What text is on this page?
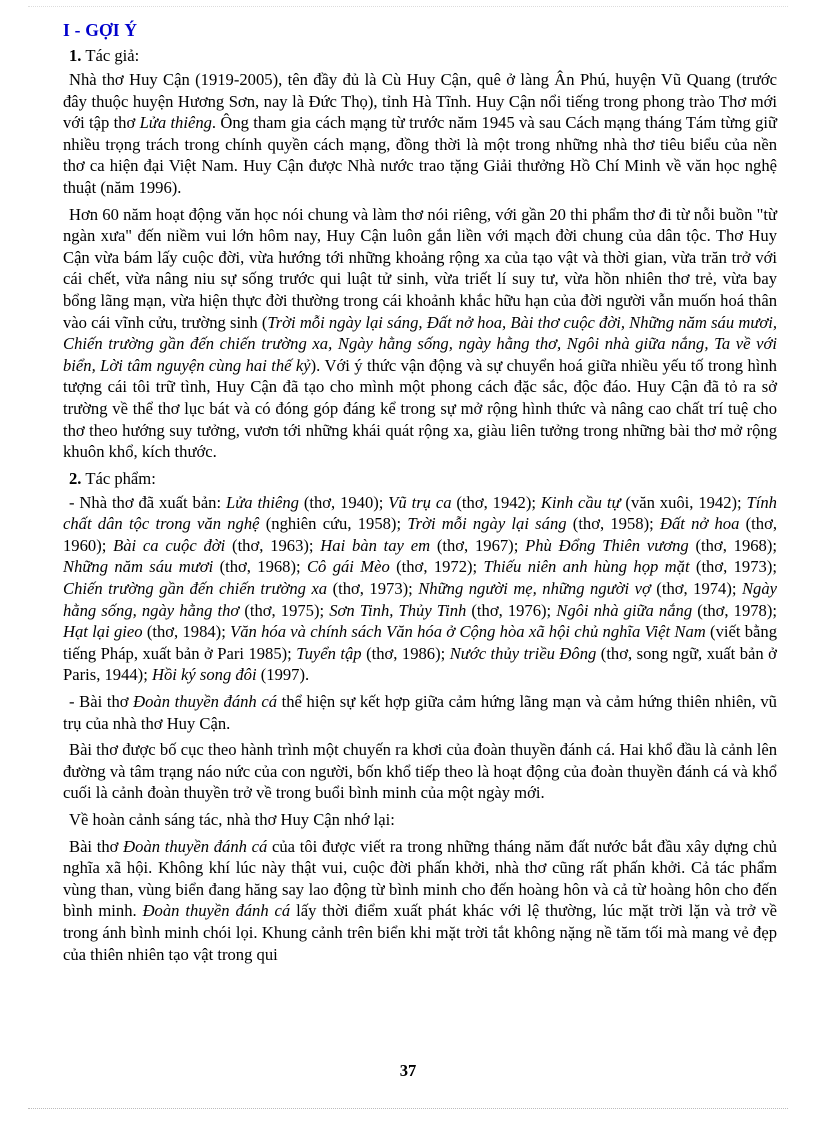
I - GỢI Ý
1. Tác giả:

Nhà thơ Huy Cận (1919-2005), tên đầy đủ là Cù Huy Cận, quê ở làng Ân Phú, huyện Vũ Quang (trước đây thuộc huyện Hương Sơn, nay là Đức Thọ), tỉnh Hà Tĩnh. Huy Cận nổi tiếng trong phong trào Thơ mới với tập thơ Lửa thiêng. Ông tham gia cách mạng từ trước năm 1945 và sau Cách mạng tháng Tám từng giữ nhiều trọng trách trong chính quyền cách mạng, đồng thời là một trong những nhà thơ tiêu biểu của nền thơ ca hiện đại Việt Nam. Huy Cận được Nhà nước trao tặng Giải thưởng Hồ Chí Minh về văn học nghệ thuật (năm 1996).

Hơn 60 năm hoạt động văn học nói chung và làm thơ nói riêng, với gần 20 thi phẩm thơ đi từ nỗi buồn "từ ngàn xưa" đến niềm vui lớn hôm nay, Huy Cận luôn gắn liền với mạch đời chung của dân tộc. Thơ Huy Cận vừa bám lấy cuộc đời, vừa hướng tới những khoảng rộng xa của tạo vật và thời gian, vừa trăn trở với cái chết, vừa nâng niu sự sống trước qui luật tử sinh, vừa triết lí suy tư, vừa hồn nhiên thơ trẻ, vừa bay bổng lãng mạn, vừa hiện thực đời thường trong cái khoảnh khắc hữu hạn của đời người vẫn muốn hoá thân vào cái vĩnh cửu, trường sinh (Trời mỗi ngày lại sáng, Đất nở hoa, Bài thơ cuộc đời, Những năm sáu mươi, Chiến trường gần đến chiến trường xa, Ngày hằng sống, ngày hằng thơ, Ngôi nhà giữa nắng, Ta về với biển, Lời tâm nguyện cùng hai thế kỷ). Với ý thức vận động và sự chuyển hoá giữa nhiều yếu tố trong hình tượng cái tôi trữ tình, Huy Cận đã tạo cho mình một phong cách đặc sắc, độc đáo. Huy Cận đã tỏ ra sở trường về thể thơ lục bát và có đóng góp đáng kể trong sự mở rộng hình thức và nâng cao chất trí tuệ cho thơ theo hướng suy tưởng, vươn tới những khái quát rộng xa, giàu liên tưởng trong những bài thơ mở rộng khuôn khổ, kích thước.

2. Tác phẩm:

- Nhà thơ đã xuất bản: Lửa thiêng (thơ, 1940); Vũ trụ ca (thơ, 1942); Kinh cầu tự (văn xuôi, 1942); Tính chất dân tộc trong văn nghệ (nghiên cứu, 1958); Trời mỗi ngày lại sáng (thơ, 1958); Đất nở hoa (thơ, 1960); Bài ca cuộc đời (thơ, 1963); Hai bàn tay em (thơ, 1967); Phù Đổng Thiên vương (thơ, 1968); Những năm sáu mươi (thơ, 1968); Cô gái Mèo (thơ, 1972); Thiếu niên anh hùng họp mặt (thơ, 1973); Chiến trường gần đến chiến trường xa (thơ, 1973); Những người mẹ, những người vợ (thơ, 1974); Ngày hằng sống, ngày hằng thơ (thơ, 1975); Sơn Tinh, Thủy Tinh (thơ, 1976); Ngôi nhà giữa nắng (thơ, 1978); Hạt lại gieo (thơ, 1984); Văn hóa và chính sách Văn hóa ở Cộng hòa xã hội chủ nghĩa Việt Nam (viết bằng tiếng Pháp, xuất bản ở Pari 1985); Tuyển tập (thơ, 1986); Nước thủy triều Đông (thơ, song ngữ, xuất bản ở Paris, 1944); Hồi ký song đôi (1997).

- Bài thơ Đoàn thuyền đánh cá thể hiện sự kết hợp giữa cảm hứng lãng mạn và cảm hứng thiên nhiên, vũ trụ của nhà thơ Huy Cận.

Bài thơ được bố cục theo hành trình một chuyến ra khơi của đoàn thuyền đánh cá. Hai khổ đầu là cảnh lên đường và tâm trạng náo nức của con người, bốn khổ tiếp theo là hoạt động của đoàn thuyền đánh cá và khổ cuối là cảnh đoàn thuyền trở về trong buổi bình minh của một ngày mới.

Về hoàn cảnh sáng tác, nhà thơ Huy Cận nhớ lại:

Bài thơ Đoàn thuyền đánh cá của tôi được viết ra trong những tháng năm đất nước bắt đầu xây dựng chủ nghĩa xã hội. Không khí lúc này thật vui, cuộc đời phấn khởi, nhà thơ cũng rất phấn khởi. Cả tác phẩm vùng than, vùng biển đang hăng say lao động từ bình minh cho đến hoàng hôn và cả từ hoàng hôn cho đến bình minh. Đoàn thuyền đánh cá lấy thời điểm xuất phát khác với lệ thường, lúc mặt trời lặn và trở về trong ánh bình minh chói lọi. Khung cảnh trên biển khi mặt trời tắt không nặng nề tăm tối mà mang vẻ đẹp của thiên nhiên tạo vật trong qui

37
